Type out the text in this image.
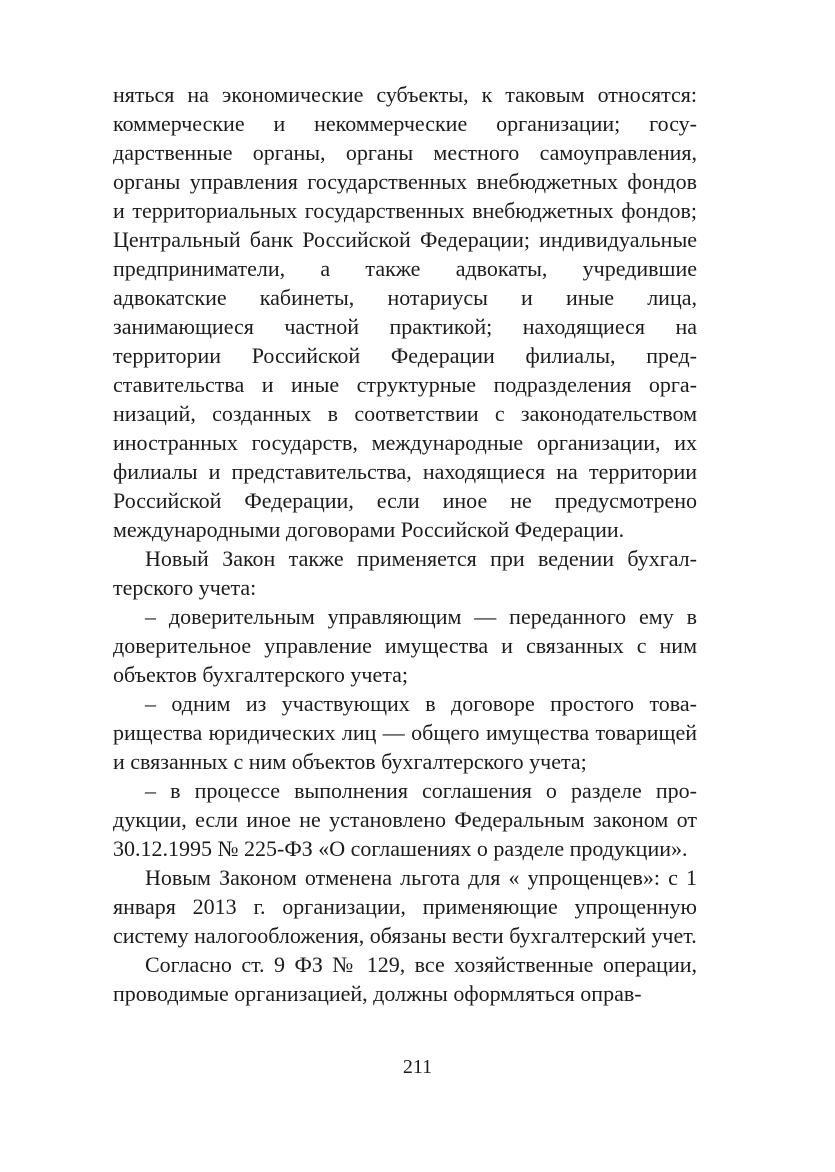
няться на экономические субъекты, к таковым относятся: коммерческие и некоммерческие организации; государственные органы, органы местного самоуправления, органы управления государственных внебюджетных фондов и территориальных государственных внебюджетных фондов; Центральный банк Российской Федерации; индивидуальные предприниматели, а также адвокаты, учредившие адвокатские кабинеты, нотариусы и иные лица, занимающиеся частной практикой; находящиеся на территории Российской Федерации филиалы, представительства и иные структурные подразделения организаций, созданных в соответствии с законодательством иностранных государств, международные организации, их филиалы и представительства, находящиеся на территории Российской Федерации, если иное не предусмотрено международными договорами Российской Федерации.

Новый Закон также применяется при ведении бухгалтерского учета:

– доверительным управляющим — переданного ему в доверительное управление имущества и связанных с ним объектов бухгалтерского учета;

– одним из участвующих в договоре простого товарищества юридических лиц — общего имущества товарищей и связанных с ним объектов бухгалтерского учета;

– в процессе выполнения соглашения о разделе продукции, если иное не установлено Федеральным законом от 30.12.1995 № 225-ФЗ «О соглашениях о разделе продукции».

Новым Законом отменена льгота для « упрощенцев»: с 1 января 2013 г. организации, применяющие упрощенную систему налогообложения, обязаны вести бухгалтерский учет.

Согласно ст. 9 ФЗ № 129, все хозяйственные операции, проводимые организацией, должны оформляться оправ-

211
